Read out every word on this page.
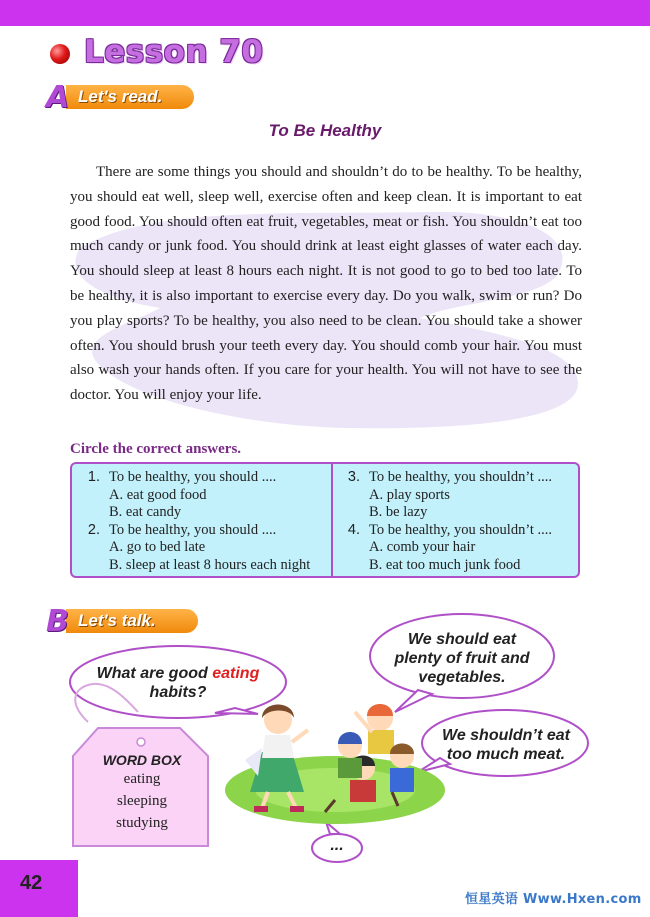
Lesson 70
Let's read.
A
To Be Healthy

There are some things you should and shouldn’t do to be healthy. To be healthy, you should eat well, sleep well, exercise often and keep clean. It is important to eat good food. You should often eat fruit, vegetables, meat or fish. You shouldn’t eat too much candy or junk food. You should drink at least eight glasses of water each day. You should sleep at least 8 hours each night. It is not good to go to bed too late. To be healthy, it is also important to exercise every day. Do you walk, swim or run? Do you play sports? To be healthy, you also need to be clean. You should take a shower often. You should brush your teeth every day. You should comb your hair. You must also wash your hands often. If you care for your health. You will not have to see the doctor. You will enjoy your life.

Circle the correct answers.
1. To be healthy, you should ....
A. eat good food
B. eat candy
2. To be healthy, you should ....
A. go to bed late
B. sleep at least 8 hours each night
3. To be healthy, you shouldn’t ....
A. play sports
B. be lazy
4. To be healthy, you shouldn’t ....
A. comb your hair
B. eat too much junk food
Let's talk.
B
What are good eating
habits?
We should eat
plenty of fruit and
vegetables.
We shouldn’t eat
too much meat.
...
WORD BOX
eating
sleeping
studying
42
恒星英语 Www.Hxen.com
